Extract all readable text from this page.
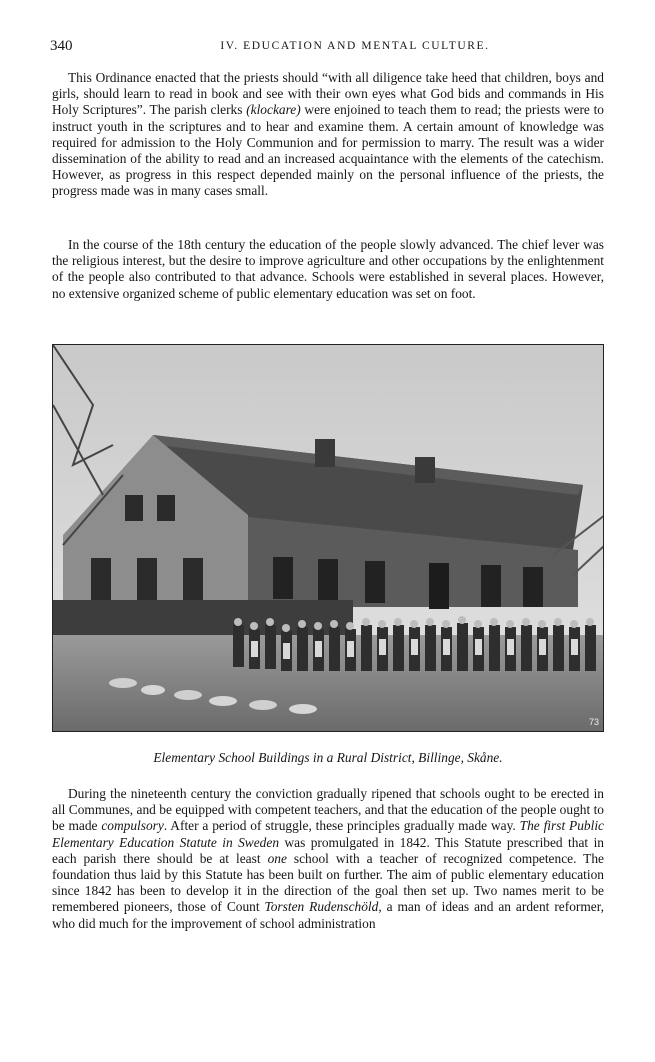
340	IV. EDUCATION AND MENTAL CULTURE.

This Ordinance enacted that the priests should “with all diligence take heed that children, boys and girls, should learn to read in book and see with their own eyes what God bids and commands in His Holy Scriptures”. The parish clerks (klockare) were enjoined to teach them to read; the priests were to instruct youth in the scriptures and to hear and examine them. A certain amount of knowledge was required for admission to the Holy Communion and for permission to marry. The result was a wider dissemination of the ability to read and an increased acquaintance with the elements of the catechism. However, as progress in this respect depended mainly on the personal influence of the priests, the progress made was in many cases small.

In the course of the 18th century the education of the people slowly advanced. The chief lever was the religious interest, but the desire to improve agriculture and other occupations by the enlightenment of the people also contributed to that advance. Schools were established in several places. However, no extensive organized scheme of public elementary education was set on foot.

73
Elementary School Buildings in a Rural District, Billinge, Skåne.

During the nineteenth century the conviction gradually ripened that schools ought to be erected in all Communes, and be equipped with competent teachers, and that the education of the people ought to be made compulsory. After a period of struggle, these principles gradually made way. The first Public Elementary Education Statute in Sweden was promulgated in 1842. This Statute prescribed that in each parish there should be at least one school with a teacher of recognized competence. The foundation thus laid by this Statute has been built on further. The aim of public elementary education since 1842 has been to develop it in the direction of the goal then set up. Two names merit to be remembered pioneers, those of Count Torsten Rudenschöld, a man of ideas and an ardent reformer, who did much for the improvement of school administration
